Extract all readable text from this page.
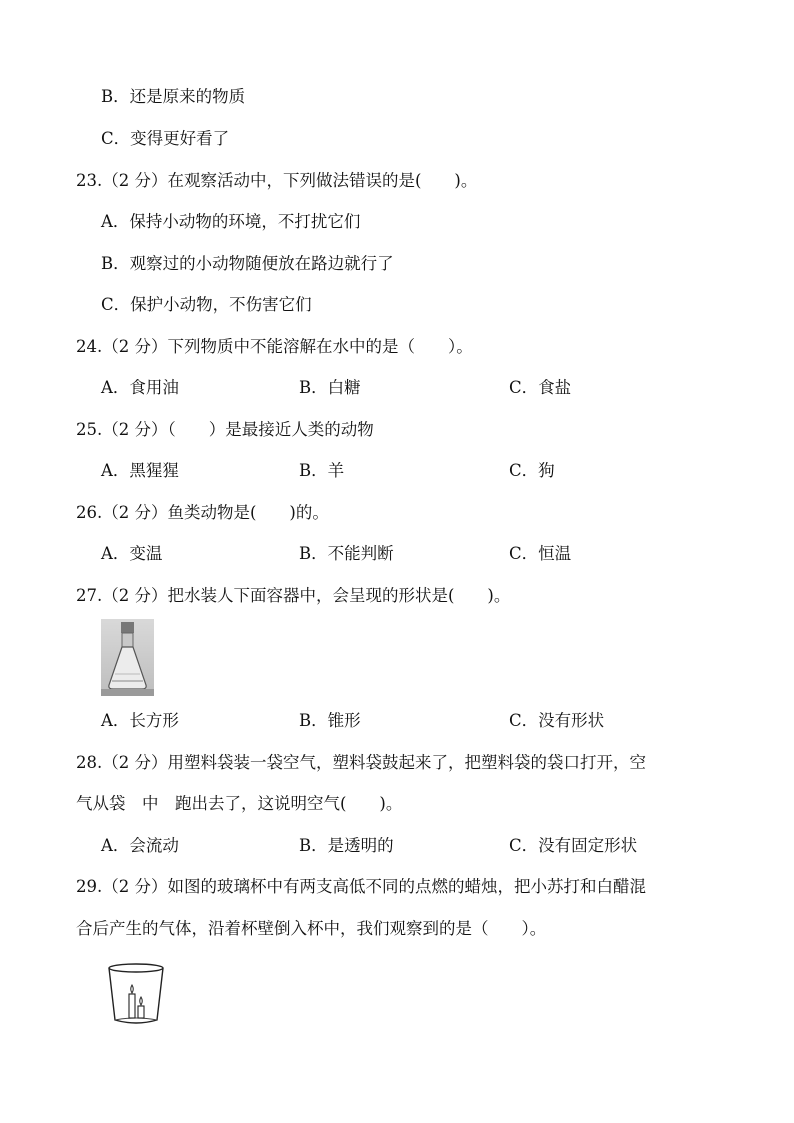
B．还是原来的物质
C．变得更好看了
23.（2 分）在观察活动中，下列做法错误的是(　　)。
A．保持小动物的环境，不打扰它们
B．观察过的小动物随便放在路边就行了
C．保护小动物，不伤害它们
24.（2 分）下列物质中不能溶解在水中的是（　　）。
A．食用油	B．白糖	C．食盐
25.（2 分）（　　）是最接近人类的动物
A．黑猩猩	B．羊	C．狗
26.（2 分）鱼类动物是(　　)的。
A．变温	B．不能判断	C．恒温
27.（2 分）把水装人下面容器中，会呈现的形状是(　　)。
A．长方形	B．锥形	C．没有形状
28.（2 分）用塑料袋装一袋空气，塑料袋鼓起来了，把塑料袋的袋口打开，空
气从袋　中　跑出去了，这说明空气(　　)。
A．会流动	B．是透明的	C．没有固定形状
29.（2 分）如图的玻璃杯中有两支高低不同的点燃的蜡烛，把小苏打和白醋混
合后产生的气体，沿着杯壁倒入杯中，我们观察到的是（　　）。
